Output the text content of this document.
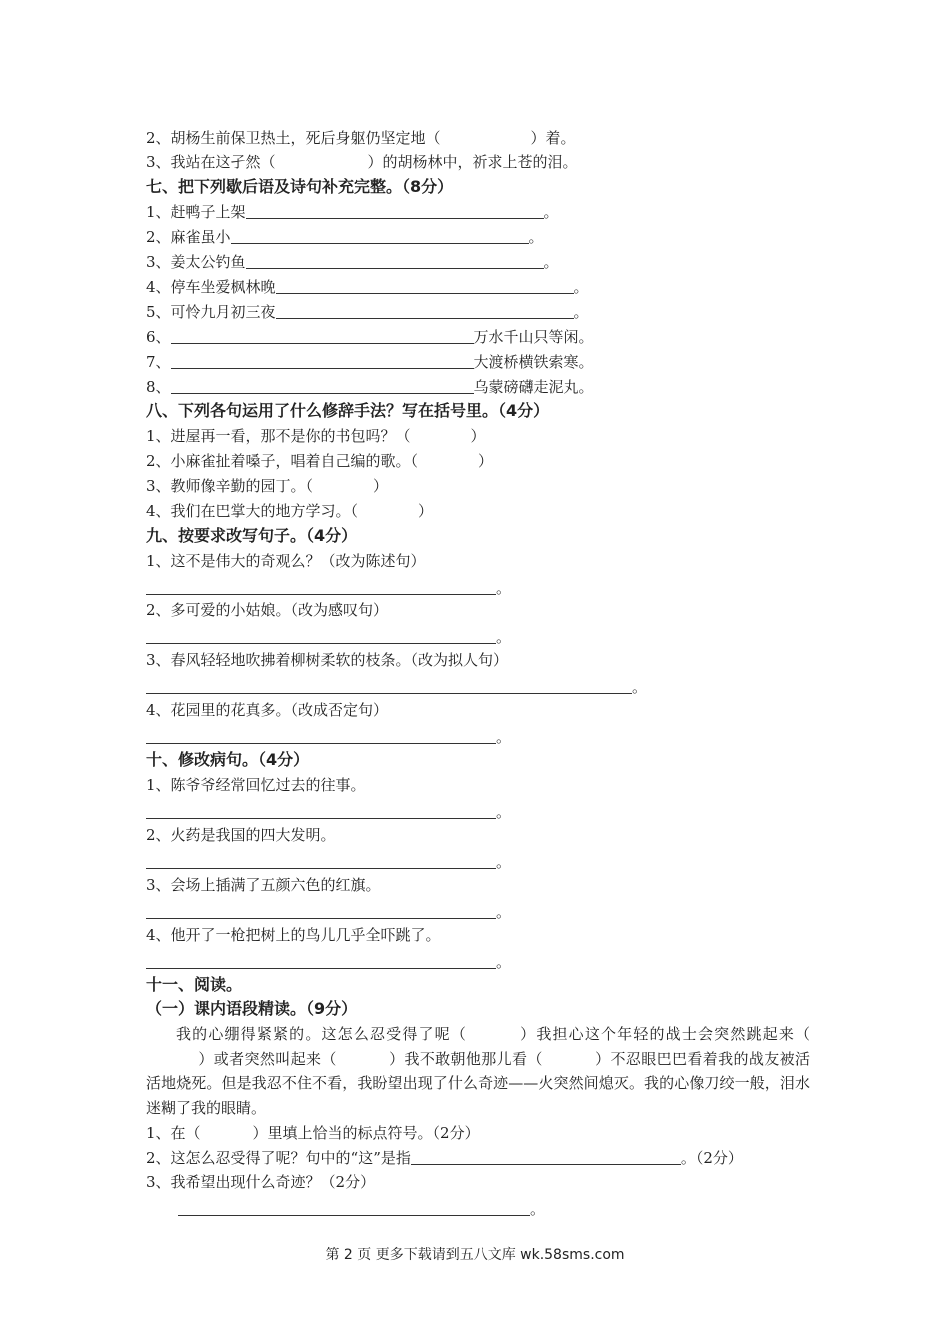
2、胡杨生前保卫热土，死后身躯仍坚定地（	）着。
3、我站在这孑然（	）的胡杨林中，祈求上苍的泪。
七、把下列歇后语及诗句补充完整。（8分）
1、赶鸭子上架	。
2、麻雀虽小	。
3、姜太公钓鱼	。
4、停车坐爱枫林晚	。
5、可怜九月初三夜	。
6、	万水千山只等闲。
7、	大渡桥横铁索寒。
8、	乌蒙磅礴走泥丸。
八、下列各句运用了什么修辞手法？写在括号里。（4分）
1、进屋再一看，那不是你的书包吗？（	）
2、小麻雀扯着嗓子，唱着自己编的歌。（	）
3、教师像辛勤的园丁。（	）
4、我们在巴掌大的地方学习。（	）
九、按要求改写句子。（4分）
1、这不是伟大的奇观么？（改为陈述句）
。
2、多可爱的小姑娘。（改为感叹句）
。
3、春风轻轻地吹拂着柳树柔软的枝条。（改为拟人句）
。
4、花园里的花真多。（改成否定句）
。
十、修改病句。（4分）
1、陈爷爷经常回忆过去的往事。
。
2、火药是我国的四大发明。
。
3、会场上插满了五颜六色的红旗。
。
4、他开了一枪把树上的鸟儿几乎全吓跳了。
。
十一、阅读。
（一）课内语段精读。（9分）
我的心绷得紧紧的。这怎么忍受得了呢（	）我担心这个年轻的战士会突然跳起来（）或者突然叫起来（	）我不敢朝他那儿看（	）不忍眼巴巴看着我的战友被活活地烧死。但是我忍不住不看，我盼望出现了什么奇迹——火突然间熄灭。我的心像刀绞一般，泪水迷糊了我的眼睛。
1、在（	）里填上恰当的标点符号。（2分）
2、这怎么忍受得了呢？句中的“这”是指	。（2分）
3、我希望出现什么奇迹？（2分）
。
第 2 页 更多下载请到五八文库 wk.58sms.com
